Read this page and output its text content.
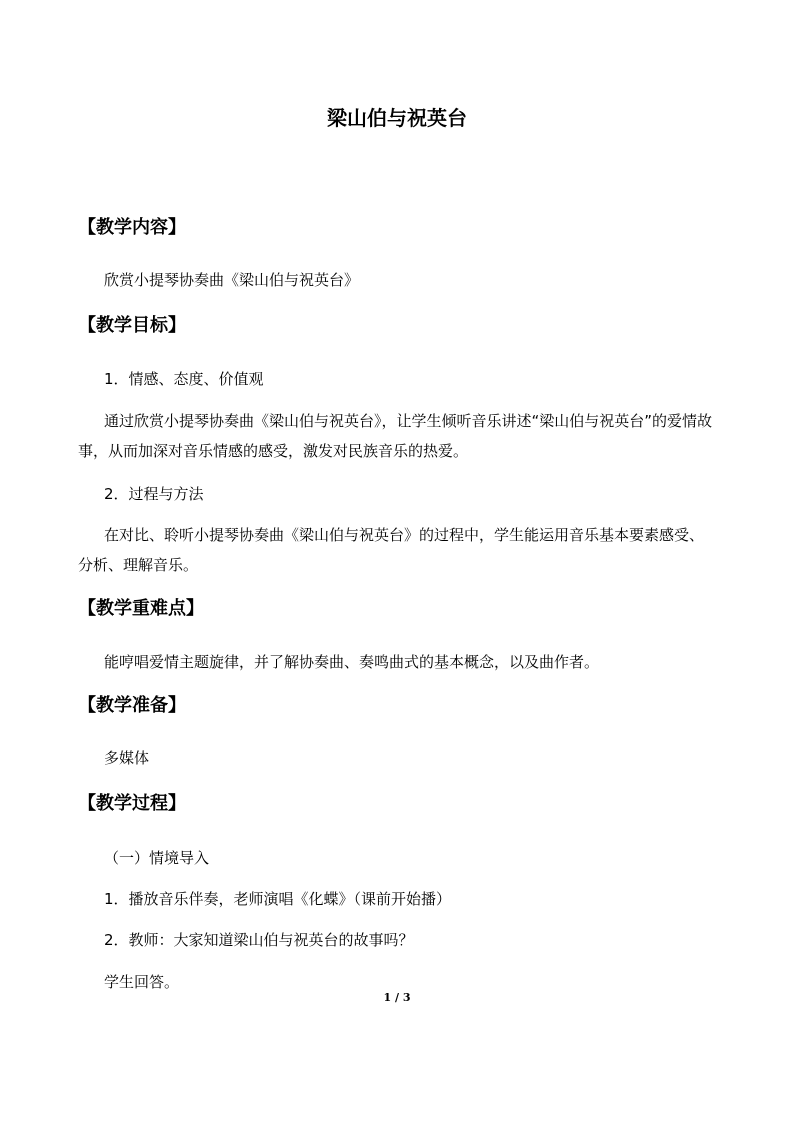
梁山伯与祝英台
【教学内容】
欣赏小提琴协奏曲《梁山伯与祝英台》
【教学目标】
1．情感、态度、价值观
通过欣赏小提琴协奏曲《梁山伯与祝英台》，让学生倾听音乐讲述“梁山伯与祝英台”的爱情故事，从而加深对音乐情感的感受，激发对民族音乐的热爱。
2．过程与方法
在对比、聆听小提琴协奏曲《梁山伯与祝英台》的过程中，学生能运用音乐基本要素感受、分析、理解音乐。
【教学重难点】
能哼唱爱情主题旋律，并了解协奏曲、奏鸣曲式的基本概念，以及曲作者。
【教学准备】
多媒体
【教学过程】
（一）情境导入
1．播放音乐伴奏，老师演唱《化蝶》（课前开始播）
2．教师：大家知道梁山伯与祝英台的故事吗？
学生回答。
1 / 3
